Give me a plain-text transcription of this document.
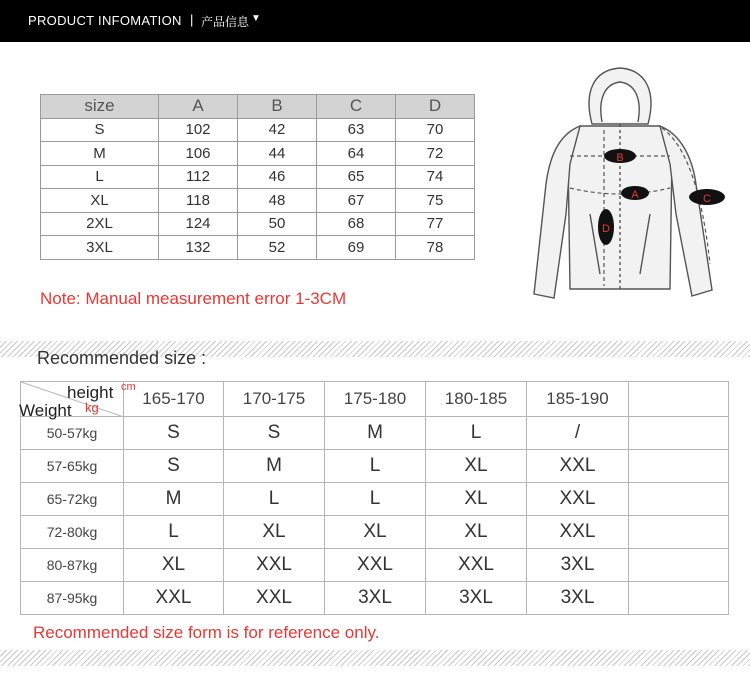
PRODUCT INFOMATION | 产品信息 ▼
size	A	B	C	D
S	102	42	63	70
M	106	44	64	72
L	112	46	65	74
XL	118	48	67	75
2XL	124	50	68	77
3XL	132	52	69	78
B
A	C
D
Note: Manual measurement error 1-3CM
Recommended size :
height cm
Weight kg	165-170	170-175	175-180	180-185	185-190	
50-57kg	S	S	M	L	/	
57-65kg	S	M	L	XL	XXL	
65-72kg	M	L	L	XL	XXL	
72-80kg	L	XL	XL	XL	XXL	
80-87kg	XL	XXL	XXL	XXL	3XL	
87-95kg	XXL	XXL	3XL	3XL	3XL	
Recommended size form is for reference only.
